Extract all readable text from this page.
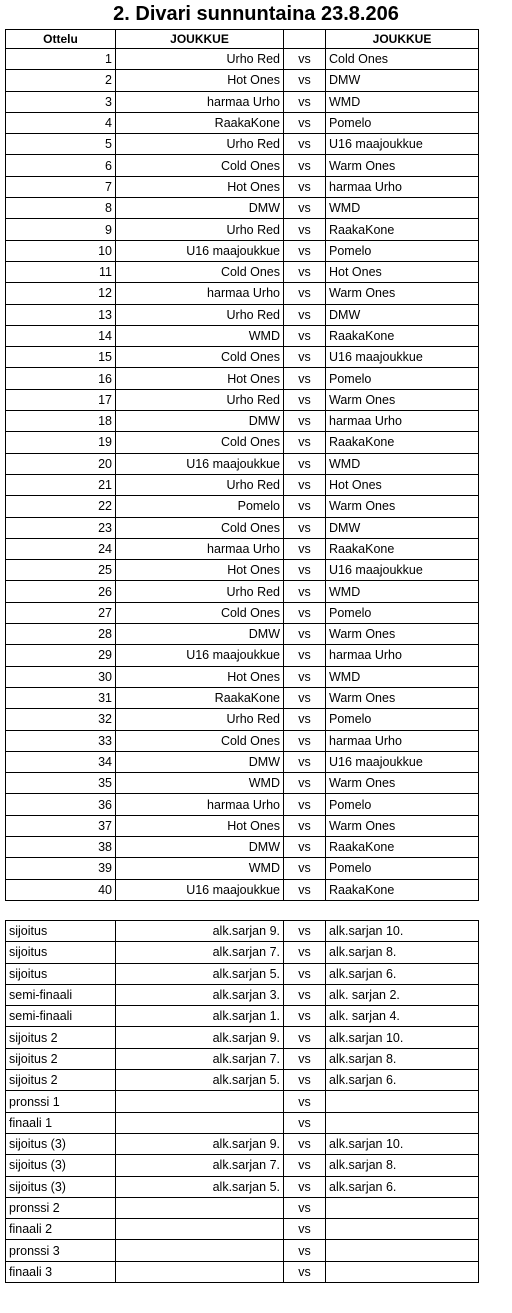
2. Divari sunnuntaina 23.8.206
Ottelu	JOUKKUE		JOUKKUE
1	Urho Red	vs	Cold Ones
2	Hot Ones	vs	DMW
3	harmaa Urho	vs	WMD
4	RaakaKone	vs	Pomelo
5	Urho Red	vs	U16 maajoukkue
6	Cold Ones	vs	Warm Ones
7	Hot Ones	vs	harmaa Urho
8	DMW	vs	WMD
9	Urho Red	vs	RaakaKone
10	U16 maajoukkue	vs	Pomelo
11	Cold Ones	vs	Hot Ones
12	harmaa Urho	vs	Warm Ones
13	Urho Red	vs	DMW
14	WMD	vs	RaakaKone
15	Cold Ones	vs	U16 maajoukkue
16	Hot Ones	vs	Pomelo
17	Urho Red	vs	Warm Ones
18	DMW	vs	harmaa Urho
19	Cold Ones	vs	RaakaKone
20	U16 maajoukkue	vs	WMD
21	Urho Red	vs	Hot Ones
22	Pomelo	vs	Warm Ones
23	Cold Ones	vs	DMW
24	harmaa Urho	vs	RaakaKone
25	Hot Ones	vs	U16 maajoukkue
26	Urho Red	vs	WMD
27	Cold Ones	vs	Pomelo
28	DMW	vs	Warm Ones
29	U16 maajoukkue	vs	harmaa Urho
30	Hot Ones	vs	WMD
31	RaakaKone	vs	Warm Ones
32	Urho Red	vs	Pomelo
33	Cold Ones	vs	harmaa Urho
34	DMW	vs	U16 maajoukkue
35	WMD	vs	Warm Ones
36	harmaa Urho	vs	Pomelo
37	Hot Ones	vs	Warm Ones
38	DMW	vs	RaakaKone
39	WMD	vs	Pomelo
40	U16 maajoukkue	vs	RaakaKone
sijoitus	alk.sarjan 9.	vs	alk.sarjan 10.
sijoitus	alk.sarjan 7.	vs	alk.sarjan 8.
sijoitus	alk.sarjan 5.	vs	alk.sarjan 6.
semi-finaali	alk.sarjan 3.	vs	alk. sarjan 2.
semi-finaali	alk.sarjan 1.	vs	alk. sarjan 4.
sijoitus 2	alk.sarjan 9.	vs	alk.sarjan 10.
sijoitus 2	alk.sarjan 7.	vs	alk.sarjan 8.
sijoitus 2	alk.sarjan 5.	vs	alk.sarjan 6.
pronssi 1		vs	
finaali 1		vs	
sijoitus (3)	alk.sarjan 9.	vs	alk.sarjan 10.
sijoitus (3)	alk.sarjan 7.	vs	alk.sarjan 8.
sijoitus (3)	alk.sarjan 5.	vs	alk.sarjan 6.
pronssi 2		vs	
finaali 2		vs	
pronssi 3		vs	
finaali 3		vs	
